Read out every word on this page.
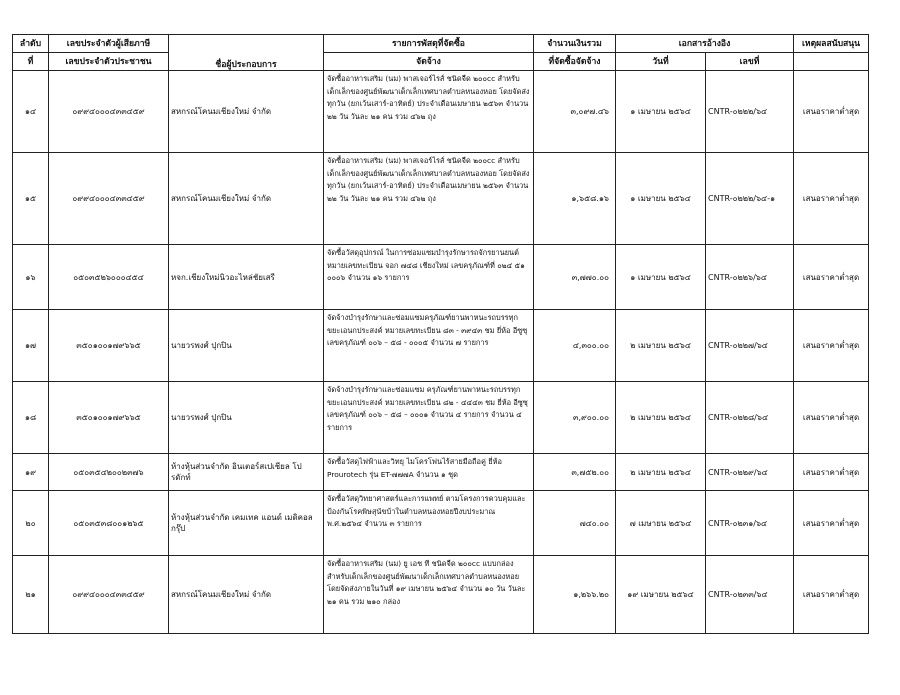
ลำดับ	เลขประจำตัวผู้เสียภาษี	ชื่อผู้ประกอบการ	รายการพัสดุที่จัดซื้อ	จำนวนเงินรวม	เอกสารอ้างอิง		เหตุผลสนับสนุน
ที่	เลขประจำตัวประชาชน		จัดจ้าง	ที่จัดซื้อจัดจ้าง	วันที่	เลขที่	
๑๔	๐๙๙๔๐๐๐๔๓๓๔๕๙	สหกรณ์โคนมเชียงใหม่ จำกัด	จัดซื้ออาหารเสริม (นม) พาสเจอร์ไรส์ ชนิดจืด ๒๐๐cc สำหรับเด็กเล็กของศูนย์พัฒนาเด็กเล็กเทศบาลตำบลหนองหอย โดยจัดส่งทุกวัน (ยกเว้นเสาร์-อาทิตย์) ประจำเดือนเมษายน ๒๕๖๓ จำนวน ๒๒ วัน วันละ ๒๑ คน รวม ๔๖๒ ถุง	๓,๐๙๗.๔๖	๑ เมษายน ๒๕๖๔	CNTR-๐๒๒๒/๖๔	เสนอราคาต่ำสุด
๑๕	๐๙๙๔๐๐๐๔๓๓๔๕๙	สหกรณ์โคนมเชียงใหม่ จำกัด	จัดซื้ออาหารเสริม (นม) พาสเจอร์ไรส์ ชนิดจืด ๒๐๐cc สำหรับเด็กเล็กของศูนย์พัฒนาเด็กเล็กเทศบาลตำบลหนองหอย โดยจัดส่งทุกวัน (ยกเว้นเสาร์-อาทิตย์) ประจำเดือนเมษายน ๒๕๖๓ จำนวน ๒๒ วัน วันละ ๒๑ คน รวม ๔๖๒ ถุง	๑,๖๕๘.๑๖	๑ เมษายน ๒๕๖๔	CNTR-๐๒๒๒/๖๔-๑	เสนอราคาต่ำสุด
๑๖	๐๕๐๓๕๒๖๐๐๐๔๕๔	หจก.เชียงใหม่นิวอะไหล่ชัยเสรี	จัดซื้อวัสดุอุปกรณ์ ในการซ่อมแซมบำรุงรักษารถจักรยานยนต์ หมายเลขทะเบียน จอก ๗๔๘ เชียงใหม่ เลขครุภัณฑ์ที่ ๐๒๔ ๕๑ ๐๐๐๖ จำนวน ๑๖ รายการ	๓,๗๗๐.๐๐	๑ เมษายน ๒๕๖๔	CNTR-๐๒๒๖/๖๔	เสนอราคาต่ำสุด
๑๗	๓๕๐๑๐๐๑๗๙๖๖๕	นายวรพงศ์ ปุกปิน	จัดจ้างบำรุงรักษาและซ่อมแซมครุภัณฑ์ยานพาหนะรถบรรทุกขยะเอนกประสงค์ หมายเลขทะเบียน ๘๓ - ๓๙๔๓ ชม ยี่ห้อ อีซูซุ เลขครุภัณฑ์ ๐๐๖ – ๕๘ - ๐๐๐๕ จำนวน ๗ รายการ	๔,๓๐๐.๐๐	๒ เมษายน ๒๕๖๔	CNTR-๐๒๒๗/๖๔	เสนอราคาต่ำสุด
๑๘	๓๕๐๑๐๐๑๗๙๖๖๕	นายวรพงศ์ ปุกปิน	จัดจ้างบำรุงรักษาและซ่อมแซม ครุภัณฑ์ยานพาหนะรถบรรทุกขยะเอนกประสงค์ หมายเลขทะเบียน ๘๒ - ๔๔๔๓ ชม ยี่ห้อ อีซูซุ เลขครุภัณฑ์ ๐๐๖ – ๕๘ – ๐๐๐๑ จำนวน ๔ รายการ จำนวน ๔ รายการ	๓,๙๐๐.๐๐	๒ เมษายน ๒๕๖๔	CNTR-๐๒๒๘/๖๔	เสนอราคาต่ำสุด
๑๙	๐๕๐๓๕๔๒๐๐๒๓๗๖	ห้างหุ้นส่วนจำกัด อินเตอร์สเปเชียล โปรดักท์	จัดซื้อวัสดุไฟฟ้าและวิทยุ ไมโครโฟนไร้สายมือถือคู่ ยี่ห้อ Prourotech รุ่น ET-๗๗๗A จำนวน ๑ ชุด	๓,๗๕๒.๐๐	๒ เมษายน ๒๕๖๔	CNTR-๐๒๒๙/๖๔	เสนอราคาต่ำสุด
๒๐	๐๕๐๓๕๓๘๐๐๑๒๖๕	ห้างหุ้นส่วนจำกัด เคมเทค แอนด์ เมดิคอล กรุ๊ป	จัดซื้อวัสดุวิทยาศาสตร์และการแพทย์ ตามโครงการควบคุมและป้องกันโรคพิษสุนัขบ้าในตำบลหนองหอยปีงบประมาณ พ.ศ.๒๕๖๔ จำนวน ๓ รายการ	๗๔๐.๐๐	๗ เมษายน ๒๕๖๔	CNTR-๐๒๓๑/๖๔	เสนอราคาต่ำสุด
๒๑	๐๙๙๔๐๐๐๔๓๓๔๕๙	สหกรณ์โคนมเชียงใหม่ จำกัด	จัดซื้ออาหารเสริม (นม) ยู เอช ที ชนิดจืด ๒๐๐cc แบบกล่อง สำหรับเด็กเล็กของศูนย์พัฒนาเด็กเล็กเทศบาลตำบลหนองหอย โดยจัดส่งภายในวันที่ ๑๙ เมษายน ๒๕๖๔ จำนวน ๑๐ วัน วันละ ๒๑ คน รวม ๒๑๐ กล่อง	๑,๒๖๖.๒๐	๑๙ เมษายน ๒๕๖๔	CNTR-๐๒๓๓/๖๔	เสนอราคาต่ำสุด
